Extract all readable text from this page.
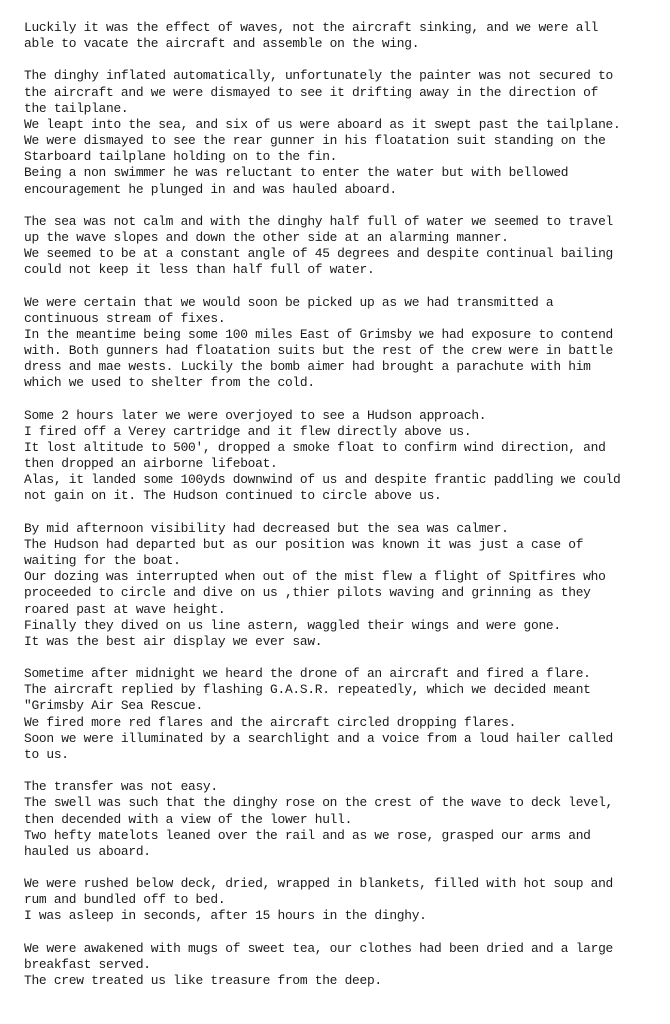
Luckily it was the effect of waves, not the aircraft sinking, and we were all
able to vacate the aircraft and assemble on the wing.
The dinghy inflated automatically, unfortunately the painter was not secured to
the aircraft and we were dismayed to see it drifting away in the direction of
the tailplane.
We leapt into the sea, and six of us were aboard as it swept past the tailplane.
We were dismayed to see the rear gunner in his floatation suit standing on the
Starboard tailplane holding on to the fin.
Being a non swimmer he was reluctant to enter the water but with bellowed
encouragement he plunged in and was hauled aboard.
The sea was not calm and with the dinghy half full of water we seemed to travel
up the wave slopes and down the other side at an alarming manner.
We seemed to be at a constant angle of 45 degrees and despite continual bailing
could not keep it less than half full of water.
We were certain that we would soon be picked up as we had transmitted a
continuous stream of fixes.
In the meantime being some 100 miles East of Grimsby we had exposure to contend
with. Both gunners had floatation suits but the rest of the crew were in battle
dress and mae wests. Luckily the bomb aimer had brought a parachute with him
which we used to shelter from the cold.
Some 2 hours later we were overjoyed to see a Hudson approach.
I fired off a Verey cartridge and it flew directly above us.
It lost altitude to 500', dropped a smoke float to confirm wind direction, and
then dropped an airborne lifeboat.
Alas, it landed some 100yds downwind of us and despite frantic paddling we could
not gain on it. The Hudson continued to circle above us.
By mid afternoon visibility had decreased but the sea was calmer.
The Hudson had departed but as our position was known it was just a case of
waiting for the boat.
Our dozing was interrupted when out of the mist flew a flight of Spitfires who
proceeded to circle and dive on us ,thier pilots waving and grinning as they
roared past at wave height.
Finally they dived on us line astern, waggled their wings and were gone.
It was the best air display we ever saw.
Sometime after midnight we heard the drone of an aircraft and fired a flare.
The aircraft replied by flashing G.A.S.R. repeatedly, which we decided meant
"Grimsby Air Sea Rescue.
We fired more red flares and the aircraft circled dropping flares.
Soon we were illuminated by a searchlight and a voice from a loud hailer called
to us.
The transfer was not easy.
The swell was such that the dinghy rose on the crest of the wave to deck level,
then decended with a view of the lower hull.
Two hefty matelots leaned over the rail and as we rose, grasped our arms and
hauled us aboard.
We were rushed below deck, dried, wrapped in blankets, filled with hot soup and
rum and bundled off to bed.
I was asleep in seconds, after 15 hours in the dinghy.
We were awakened with mugs of sweet tea, our clothes had been dried and a large
breakfast served.
The crew treated us like treasure from the deep.
